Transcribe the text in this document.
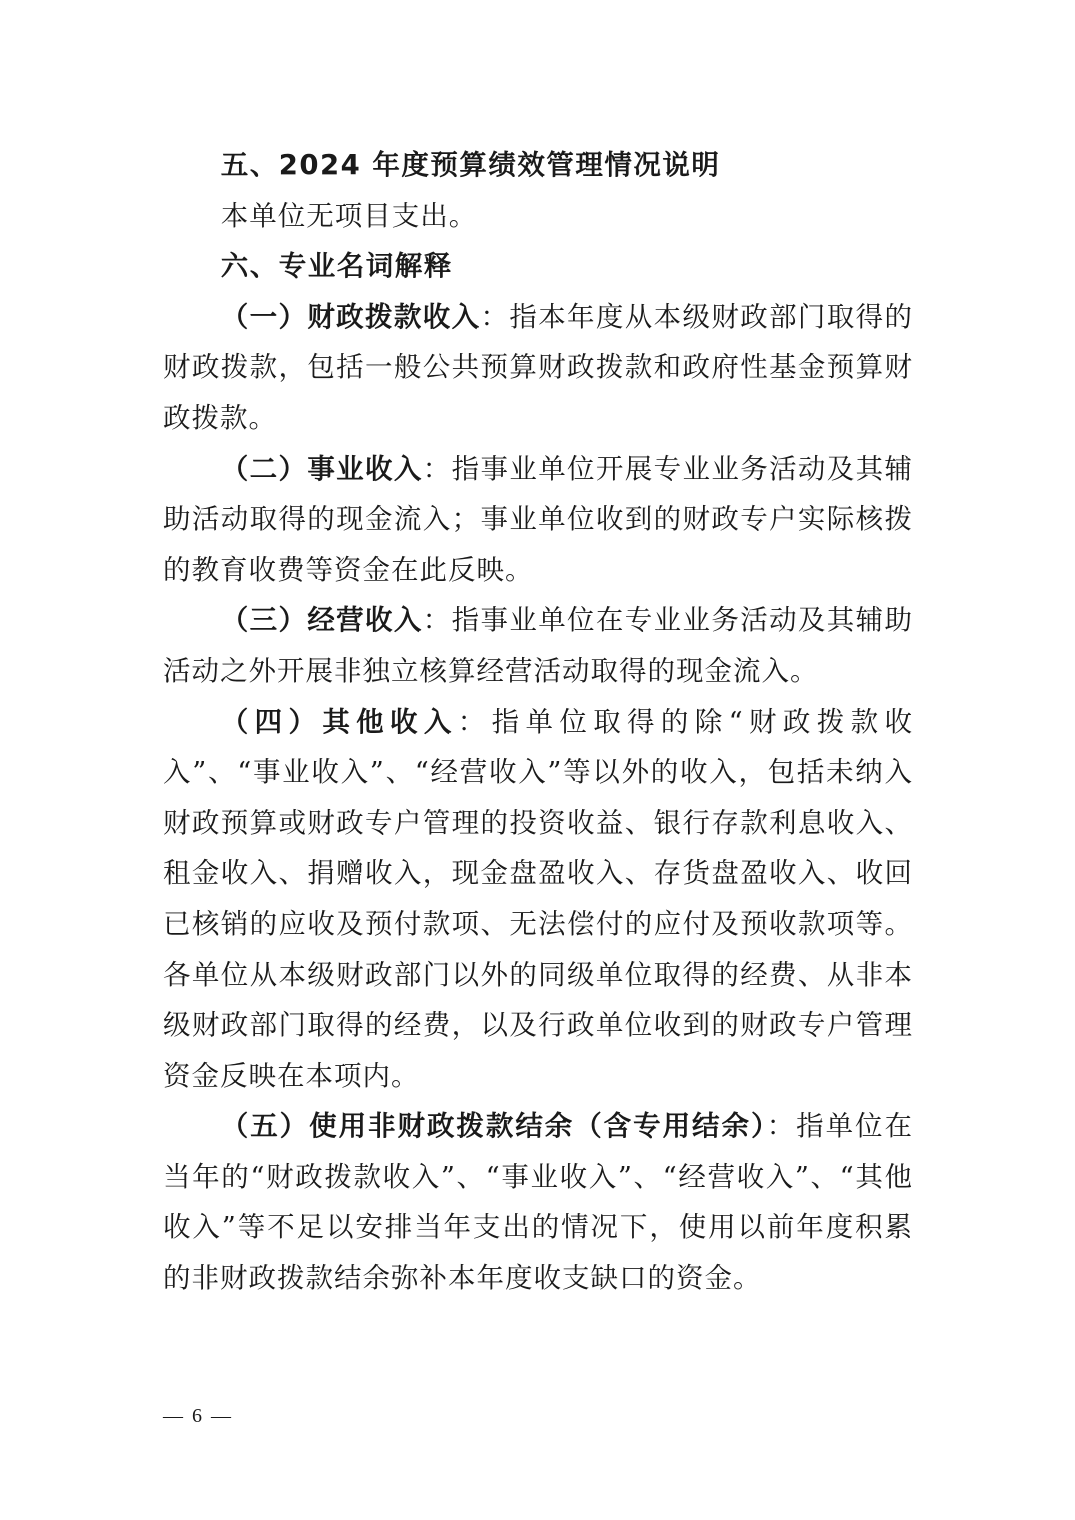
五、2024 年度预算绩效管理情况说明

本单位无项目支出。

六、专业名词解释

（一）财政拨款收入：指本年度从本级财政部门取得的财政拨款，包括一般公共预算财政拨款和政府性基金预算财政拨款。

（二）事业收入：指事业单位开展专业业务活动及其辅助活动取得的现金流入；事业单位收到的财政专户实际核拨的教育收费等资金在此反映。

（三）经营收入：指事业单位在专业业务活动及其辅助活动之外开展非独立核算经营活动取得的现金流入。

（四）其他收入：指单位取得的除“财政拨款收入”、“事业收入”、“经营收入”等以外的收入，包括未纳入财政预算或财政专户管理的投资收益、银行存款利息收入、租金收入、捐赠收入，现金盘盈收入、存货盘盈收入、收回已核销的应收及预付款项、无法偿付的应付及预收款项等。各单位从本级财政部门以外的同级单位取得的经费、从非本级财政部门取得的经费，以及行政单位收到的财政专户管理资金反映在本项内。

（五）使用非财政拨款结余（含专用结余）：指单位在当年的“财政拨款收入”、“事业收入”、“经营收入”、“其他收入”等不足以安排当年支出的情况下，使用以前年度积累的非财政拨款结余弥补本年度收支缺口的资金。

— 6 —
